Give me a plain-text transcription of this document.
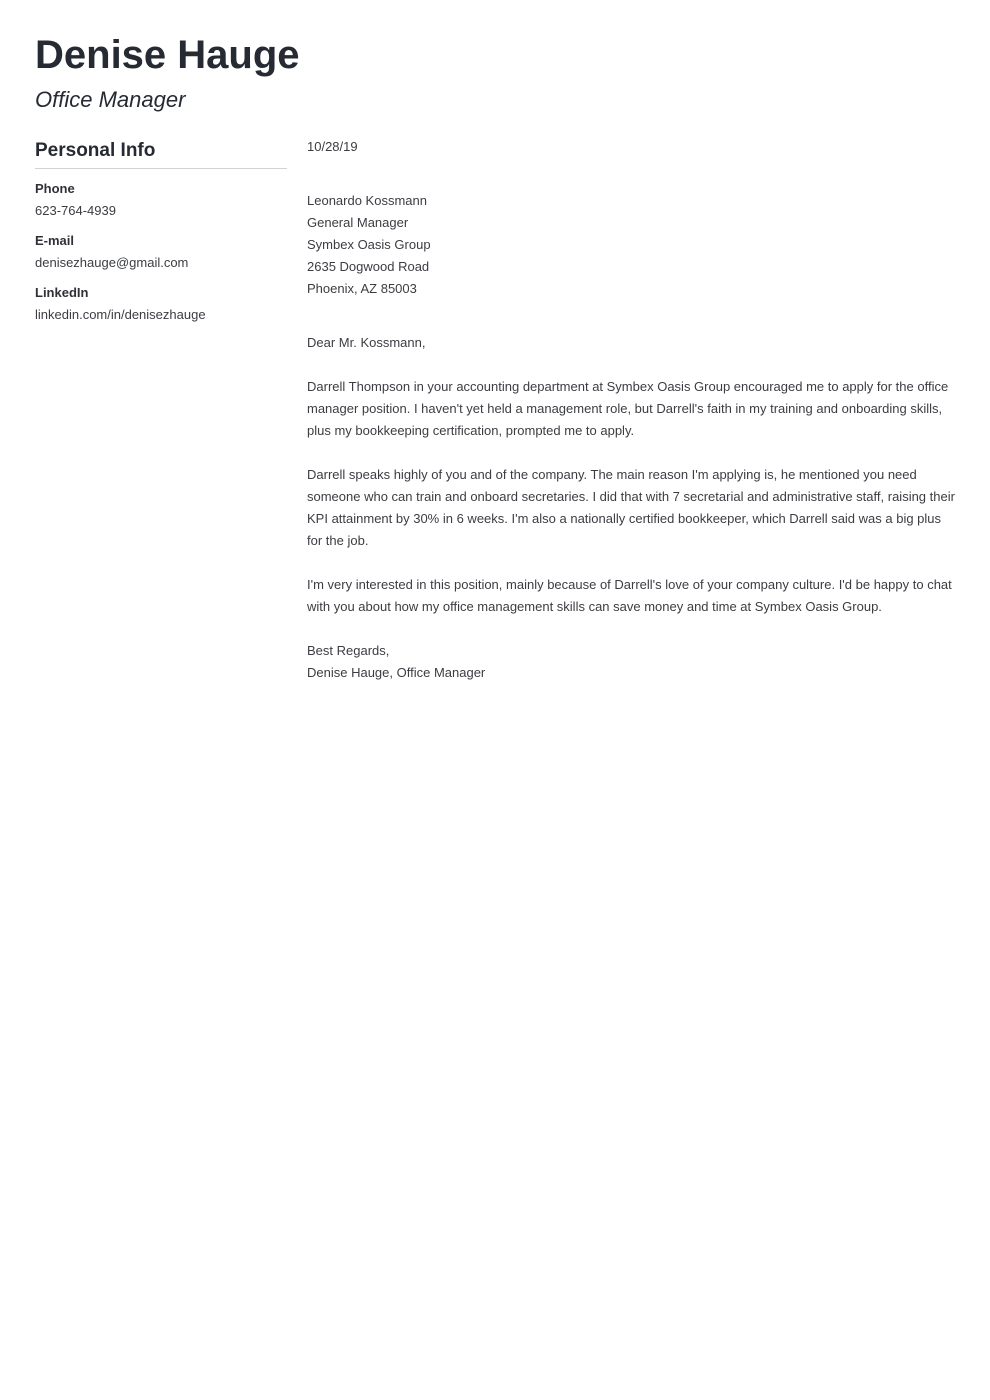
Denise Hauge
Office Manager
Personal Info
Phone
623-764-4939
E-mail
denisezhauge@gmail.com
LinkedIn
linkedin.com/in/denisezhauge

10/28/19

Leonardo Kossmann

General Manager

Symbex Oasis Group

2635 Dogwood Road

Phoenix, AZ 85003

Dear Mr. Kossmann,

Darrell Thompson in your accounting department at Symbex Oasis Group encouraged me to apply for the office manager position. I haven't yet held a management role, but Darrell's faith in my training and onboarding skills, plus my bookkeeping certification, prompted me to apply.

Darrell speaks highly of you and of the company. The main reason I'm applying is, he mentioned you need someone who can train and onboard secretaries. I did that with 7 secretarial and administrative staff, raising their KPI attainment by 30% in 6 weeks. I'm also a nationally certified bookkeeper, which Darrell said was a big plus for the job.

I'm very interested in this position, mainly because of Darrell's love of your company culture. I'd be happy to chat with you about how my office management skills can save money and time at Symbex Oasis Group.

Best Regards,

Denise Hauge, Office Manager
